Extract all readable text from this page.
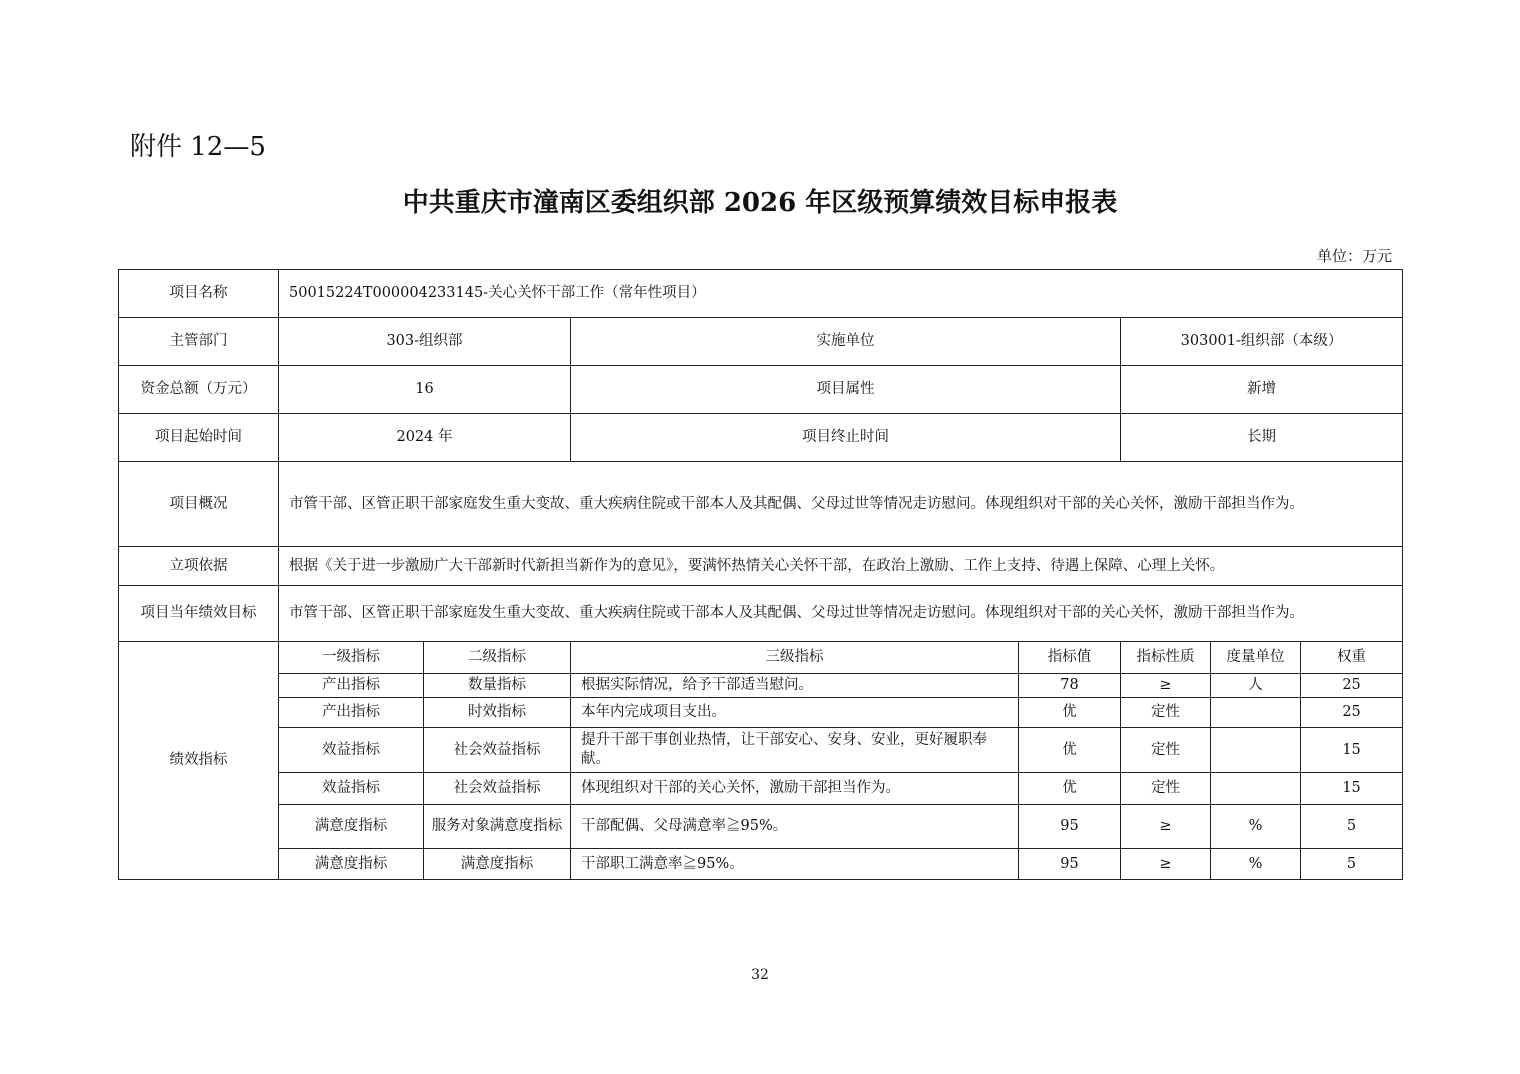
附件 12—5
中共重庆市潼南区委组织部 2026 年区级预算绩效目标申报表
单位：万元
项目名称	50015224T000004233145-关心关怀干部工作（常年性项目）						
主管部门	303-组织部		实施单位		303001-组织部（本级）		
资金总额（万元）	16		项目属性		新增		
项目起始时间	2024 年		项目终止时间		长期		
项目概况	市管干部、区管正职干部家庭发生重大变故、重大疾病住院或干部本人及其配偶、父母过世等情况走访慰问。体现组织对干部的关心关怀，激励干部担当作为。						
立项依据	根据《关于进一步激励广大干部新时代新担当新作为的意见》，要满怀热情关心关怀干部，在政治上激励、工作上支持、待遇上保障、心理上关怀。						
项目当年绩效目标	市管干部、区管正职干部家庭发生重大变故、重大疾病住院或干部本人及其配偶、父母过世等情况走访慰问。体现组织对干部的关心关怀，激励干部担当作为。						
绩效指标	一级指标	二级指标	三级指标	指标值	指标性质	度量单位	权重
	产出指标	数量指标	根据实际情况，给予干部适当慰问。	78	≥	人	25
	产出指标	时效指标	本年内完成项目支出。	优	定性		25
	效益指标	社会效益指标	提升干部干事创业热情，让干部安心、安身、安业，更好履职奉献。	优	定性		15
	效益指标	社会效益指标	体现组织对干部的关心关怀，激励干部担当作为。	优	定性		15
	满意度指标	服务对象满意度指标	干部配偶、父母满意率≧95%。	95	≥	%	5
	满意度指标	满意度指标	干部职工满意率≧95%。	95	≥	%	5
32
